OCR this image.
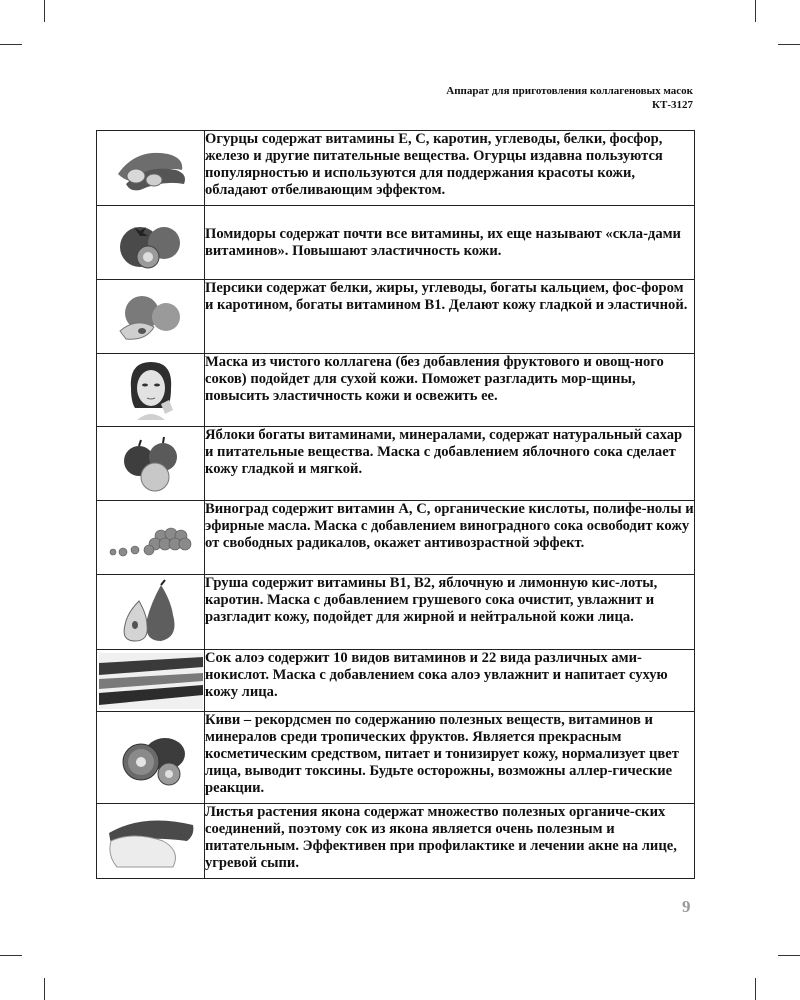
Аппарат для приготовления коллагеновых масок
КТ-3127
	Огурцы содержат витамины Е, С, каротин, углеводы, белки, фосфор, железо и другие питательные вещества. Огурцы издавна пользуются популярностью и используются для поддержания красоты кожи, обладают отбеливающим эффектом.

	Помидоры содержат почти все витамины, их еще называют «скла-дами витаминов». Повышают эластичность кожи.

	Персики содержат белки, жиры, углеводы, богаты кальцием, фос-фором и каротином, богаты витамином В1. Делают кожу гладкой и эластичной.

	Маска из чистого коллагена (без добавления фруктового и овощ-ного соков) подойдет для сухой кожи. Поможет разгладить мор-щины, повысить эластичность кожи и освежить ее.

	Яблоки богаты витаминами, минералами, содержат натуральный сахар и питательные вещества. Маска с добавлением яблочного сока сделает кожу гладкой и мягкой.

	Виноград содержит витамин А, С, органические кислоты, полифе-нолы и эфирные масла. Маска с добавлением виноградного сока освободит кожу от свободных радикалов, окажет антивозрастной эффект.

	Груша содержит витамины В1, В2, яблочную и лимонную кис-лоты, каротин. Маска с добавлением грушевого сока очистит, увлажнит и разгладит кожу, подойдет для жирной и нейтральной кожи лица.

	Сок алоэ содержит 10 видов витаминов и 22 вида различных ами-нокислот. Маска с добавлением сока алоэ увлажнит и напитает сухую кожу лица.

	Киви – рекордсмен по содержанию полезных веществ, витаминов и минералов среди тропических фруктов. Является прекрасным косметическим средством, питает и тонизирует кожу, нормализует цвет лица, выводит токсины. Будьте осторожны, возможны аллер-гические реакции.

	Листья растения якона содержат множество полезных органиче-ских соединений, поэтому сок из якона является очень полезным и питательным. Эффективен при профилактике и лечении акне на лице, угревой сыпи.
9
